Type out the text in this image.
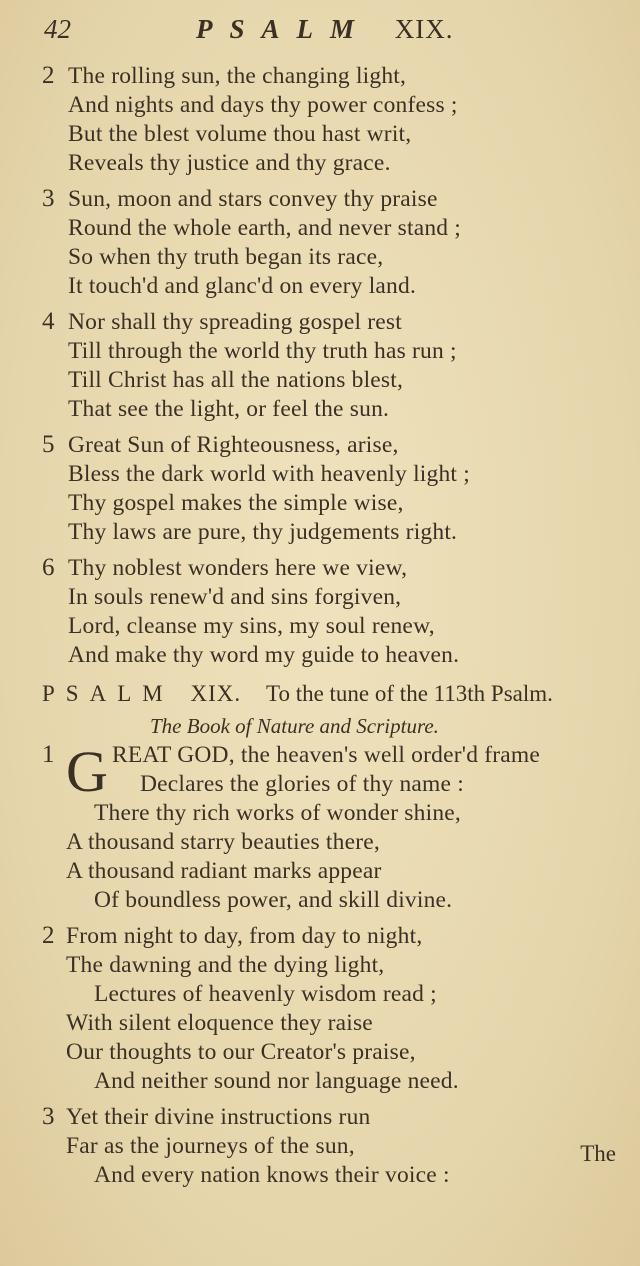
42	PSALM XIX.
2 The rolling sun, the changing light,
And nights and days thy power confess ;
But the blest volume thou hast writ,
Reveals thy justice and thy grace.
3 Sun, moon and stars convey thy praise
Round the whole earth, and never stand ;
So when thy truth began its race,
It touch'd and glanc'd on every land.
4 Nor shall thy spreading gospel rest
Till through the world thy truth has run ;
Till Christ has all the nations blest,
That see the light, or feel the sun.
5 Great Sun of Righteousness, arise,
Bless the dark world with heavenly light ;
Thy gospel makes the simple wise,
Thy laws are pure, thy judgements right.
6 Thy noblest wonders here we view,
In souls renew'd and sins forgiven,
Lord, cleanse my sins, my soul renew,
And make thy word my guide to heaven.
PSALM XIX. To the tune of the 113th Psalm.
The Book of Nature and Scripture.
1 G REAT GOD, the heaven's well order'd frame
Declares the glories of thy name :
There thy rich works of wonder shine,
A thousand starry beauties there,
A thousand radiant marks appear
Of boundless power, and skill divine.
2 From night to day, from day to night,
The dawning and the dying light,
Lectures of heavenly wisdom read ;
With silent eloquence they raise
Our thoughts to our Creator's praise,
And neither sound nor language need.
3 Yet their divine instructions run
Far as the journeys of the sun,
And every nation knows their voice :
The
